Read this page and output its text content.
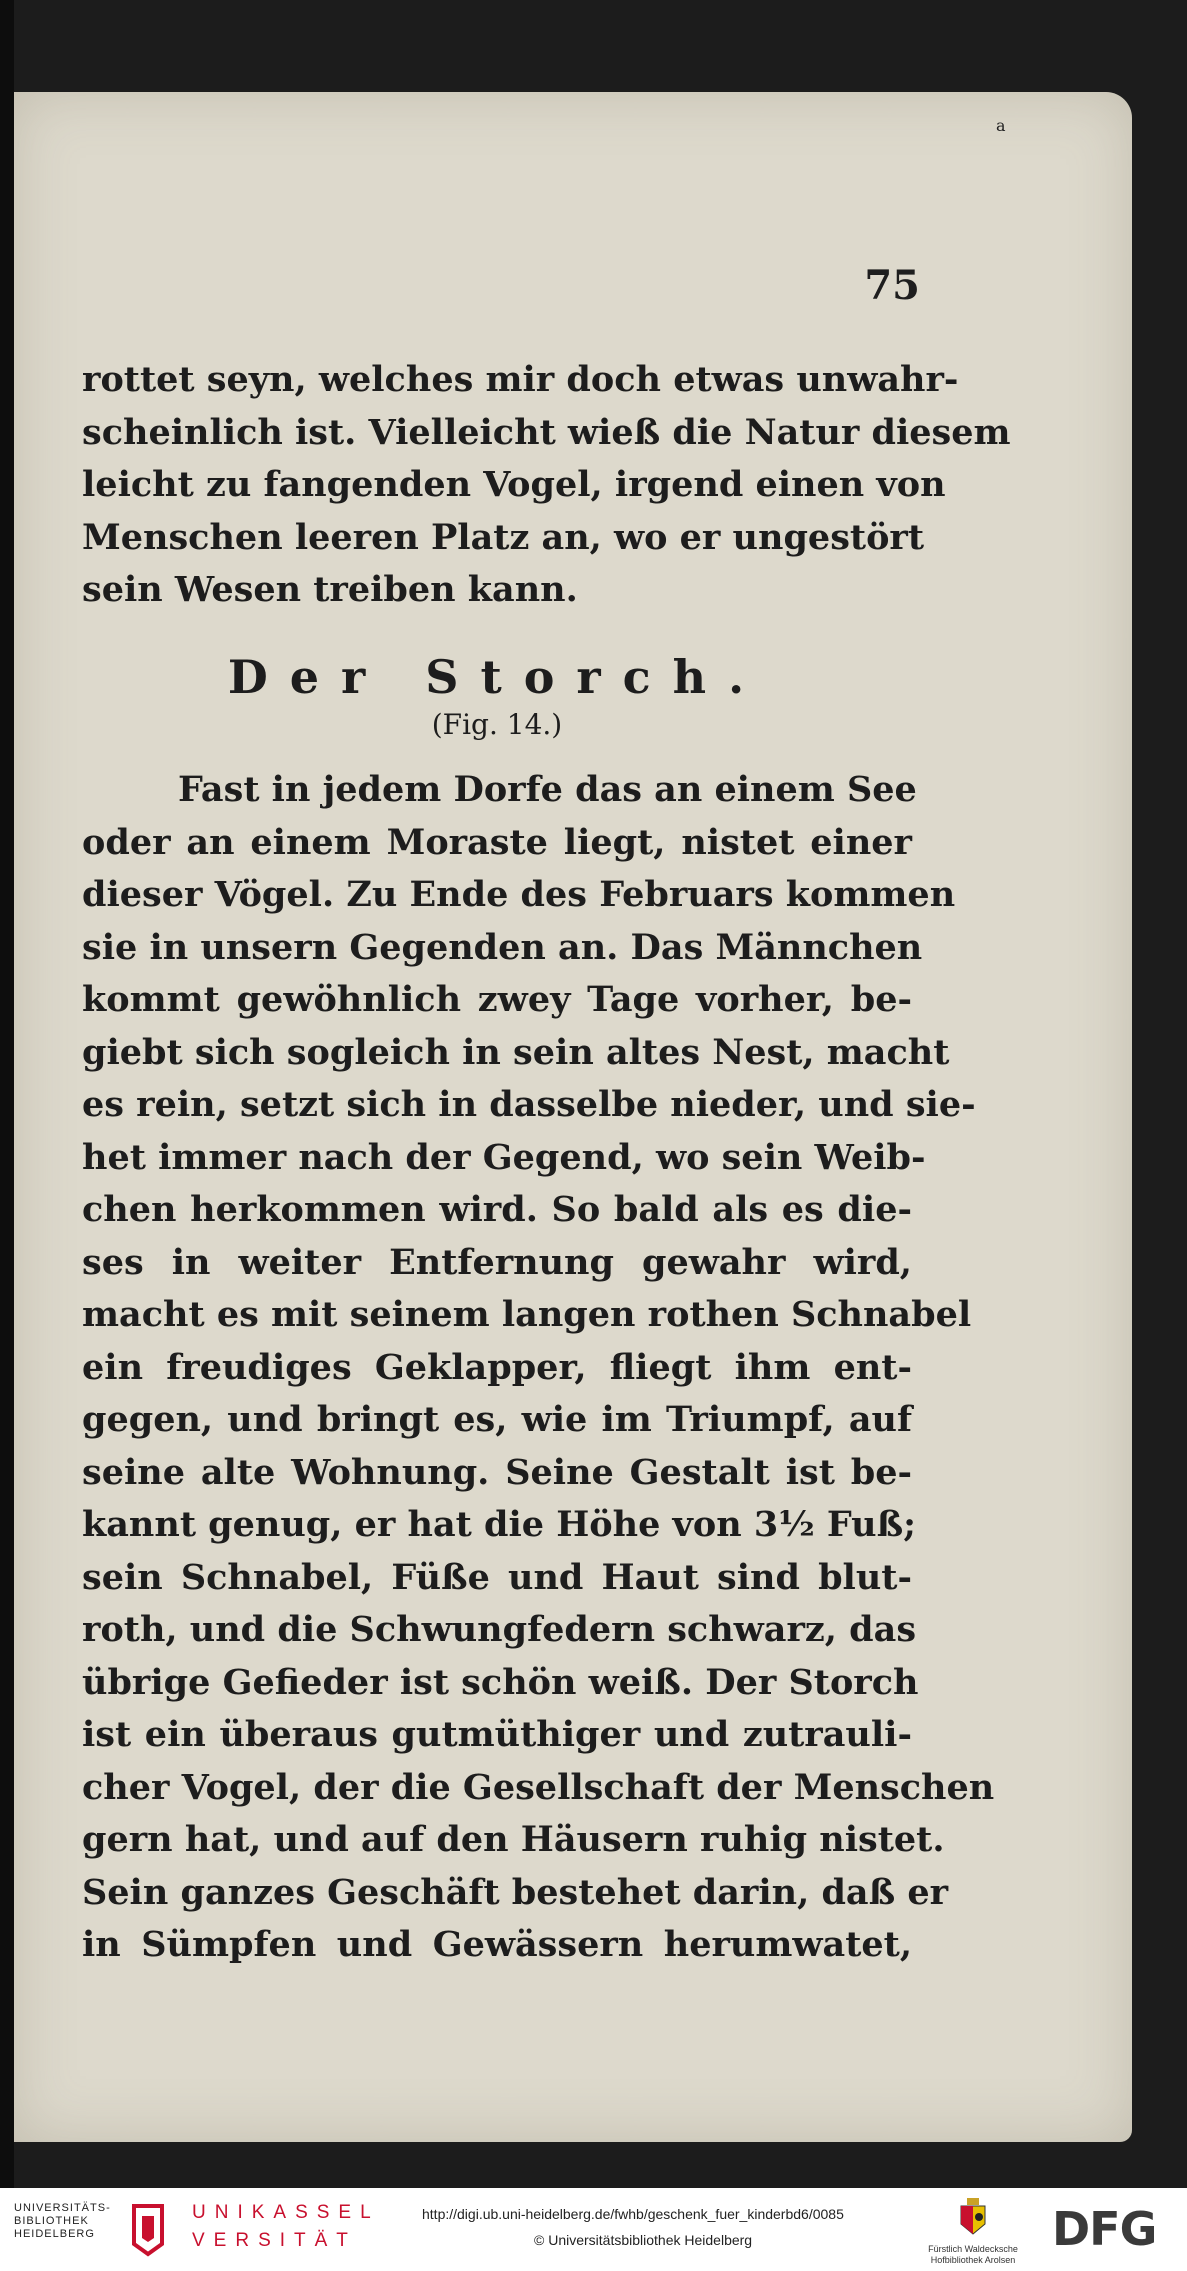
a
75
rottet seyn, welches mir doch etwas unwahr-
scheinlich ist. Vielleicht wieß die Natur diesem
leicht zu fangenden Vogel, irgend einen von
Menschen leeren Platz an, wo er ungestört
sein Wesen treiben kann.
Der Storch.
(Fig. 14.)
Fast in jedem Dorfe das an einem See
oder an einem Moraste liegt, nistet einer
dieser Vögel. Zu Ende des Februars kommen
sie in unsern Gegenden an. Das Männchen
kommt gewöhnlich zwey Tage vorher, be-
giebt sich sogleich in sein altes Nest, macht
es rein, setzt sich in dasselbe nieder, und sie-
het immer nach der Gegend, wo sein Weib-
chen herkommen wird. So bald als es die-
ses in weiter Entfernung gewahr wird,
macht es mit seinem langen rothen Schnabel
ein freudiges Geklapper, fliegt ihm ent-
gegen, und bringt es, wie im Triumpf, auf
seine alte Wohnung. Seine Gestalt ist be-
kannt genug, er hat die Höhe von 3½ Fuß;
sein Schnabel, Füße und Haut sind blut-
roth, und die Schwungfedern schwarz, das
übrige Gefieder ist schön weiß. Der Storch
ist ein überaus gutmüthiger und zutrauli-
cher Vogel, der die Gesellschaft der Menschen
gern hat, und auf den Häusern ruhig nistet.
Sein ganzes Geschäft bestehet darin, daß er
in Sümpfen und Gewässern herumwatet,
UNIVERSITÄTS-
BIBLIOTHEK
HEIDELBERG
UNIKASSEL
VERSITÄT
http://digi.ub.uni-heidelberg.de/fwhb/geschenk_fuer_kinderbd6/0085
© Universitätsbibliothek Heidelberg
Fürstlich Waldecksche
Hofbibliothek Arolsen
DFG
